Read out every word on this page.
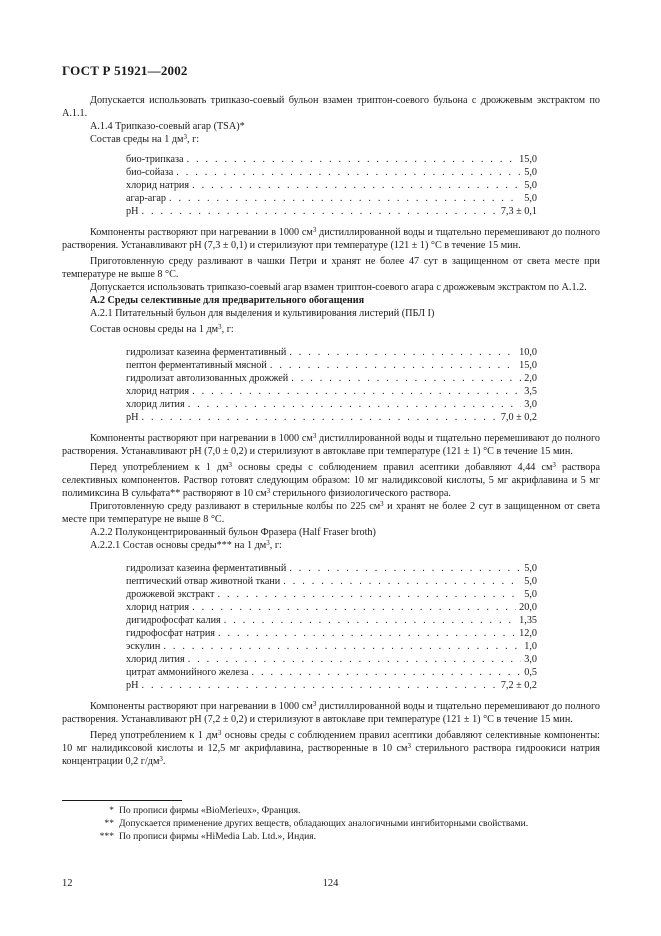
ГОСТ Р 51921—2002

Допускается использовать трипказо-соевый бульон взамен триптон-соевого бульона с дрожжевым экстрактом по А.1.1.

А.1.4 Трипказо-соевый агар (TSA)*

Состав среды на 1 $дм^3$, г:

био-трипказа . . .	15,0
био-сойаза . . .	5,0
хлорид натрия . . .	5,0
агар-агар . . .	5,0
pH . . .	7,3 ± 0,1

Компоненты растворяют при нагревании в 1000 $см^3$ дистиллированной воды и тщательно перемешивают до полного растворения. Устанавливают pH (7,3 ± 0,1) и стерилизуют при температуре (121 ± 1) °С в течение 15 мин.

Приготовленную среду разливают в чашки Петри и хранят не более 47 сут в защищенном от света месте при температуре не выше 8 °С.

Допускается использовать трипказо-соевый агар взамен триптон-соевого агара с дрожжевым экстрактом по А.1.2.

А.2 Среды селективные для предварительного обогащения

А.2.1 Питательный бульон для выделения и культивирования листерий (ПБЛ I)

Состав основы среды на 1 $дм^3$, г:

гидролизат казеина ферментативный . . .	10,0
пептон ферментативный мясной . . .	15,0
гидролизат автолизованных дрожжей . . .	2,0
хлорид натрия . . .	3,5
хлорид лития . . .	3,0
pH . . .	7,0 ± 0,2

Компоненты растворяют при нагревании в 1000 $см^3$ дистиллированной воды и тщательно перемешивают до полного растворения. Устанавливают pH (7,0 ± 0,2) и стерилизуют в автоклаве при температуре (121 ± 1) °С в течение 15 мин.

Перед употреблением к 1 $дм^3$ основы среды с соблюдением правил асептики добавляют 4,44 $см^3$ раствора селективных компонентов. Раствор готовят следующим образом: 10 мг налидиксовой кислоты, 5 мг акрифлавина и 5 мг полимиксина В сульфата** растворяют в 10 $см^3$ стерильного физиологического раствора.

Приготовленную среду разливают в стерильные колбы по 225 $см^3$ и хранят не более 2 сут в защищенном от света месте при температуре не выше 8 °С.

А.2.2 Полуконцентрированный бульон Фразера (Half Fraser broth)

А.2.2.1 Состав основы среды*** на 1 $дм^3$, г:

гидролизат казеина ферментативный . . .	5,0
пептический отвар животной ткани . . .	5,0
дрожжевой экстракт . . .	5,0
хлорид натрия . . .	20,0
дигидрофосфат калия . . .	1,35
гидрофосфат натрия . . .	12,0
эскулин . . .	1,0
хлорид лития . . .	3,0
цитрат аммонийного железа . . .	0,5
pH . . .	7,2 ± 0,2

Компоненты растворяют при нагревании в 1000 $см^3$ дистиллированной воды и тщательно перемешивают до полного растворения. Устанавливают pH (7,2 ± 0,2) и стерилизуют в автоклаве при температуре (121 ± 1) °С в течение 15 мин.

Перед употреблением к 1 $дм^3$ основы среды с соблюдением правил асептики добавляют селективные компоненты: 10 мг налидиксовой кислоты и 12,5 мг акрифлавина, растворенные в 10 $см^3$ стерильного раствора гидроокиси натрия концентрации 0,2 $г/дм^3$.

* По прописи фирмы «BioMerieux», Франция.
** Допускается применение других веществ, обладающих аналогичными ингибиторными свойствами.
*** По прописи фирмы «HiMedia Lab. Ltd.», Индия.
12	124
